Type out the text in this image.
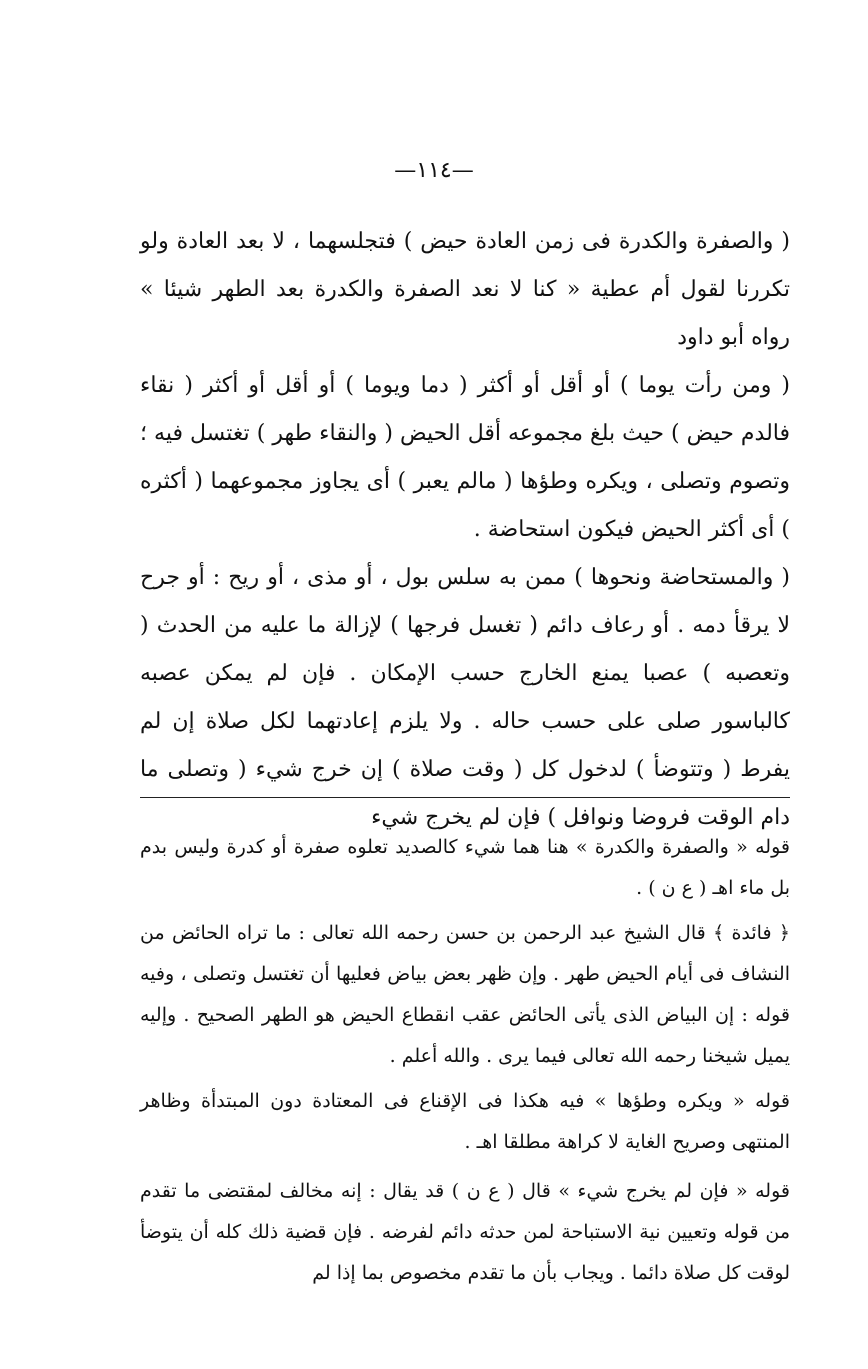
—١١٤—

( والصفرة والكدرة فى زمن العادة حيض ) فتجلسهما ، لا بعد العادة ولو تكررنا لقول أم عطية « كنا لا نعد الصفرة والكدرة بعد الطهر شيئا » رواه أبو داود

( ومن رأت يوما ) أو أقل أو أكثر ( دما ويوما ) أو أقل أو أكثر ( نقاء فالدم حيض ) حيث بلغ مجموعه أقل الحيض ( والنقاء طهر ) تغتسل فيه ؛ وتصوم وتصلى ، ويكره وطؤها ( مالم يعبر ) أى يجاوز مجموعهما ( أكثره ) أى أكثر الحيض فيكون استحاضة .

( والمستحاضة ونحوها ) ممن به سلس بول ، أو مذى ، أو ريح : أو جرح لا يرقأ دمه . أو رعاف دائم ( تغسل فرجها ) لإزالة ما عليه من الحدث ( وتعصبه ) عصبا يمنع الخارج حسب الإمكان . فإن لم يمكن عصبه كالباسور صلى على حسب حاله . ولا يلزم إعادتهما لكل صلاة إن لم يفرط ( وتتوضأ ) لدخول كل ( وقت صلاة ) إن خرج شيء ( وتصلى ما دام الوقت فروضا ونوافل ) فإن لم يخرج شيء

قوله « والصفرة والكدرة » هنا هما شيء كالصديد تعلوه صفرة أو كدرة وليس بدم بل ماء اهـ ( ع ن ) .

﴿ فائدة ﴾ قال الشيخ عبد الرحمن بن حسن رحمه الله تعالى : ما تراه الحائض من النشاف فى أيام الحيض طهر . وإن ظهر بعض بياض فعليها أن تغتسل وتصلى ، وفيه قوله : إن البياض الذى يأتى الحائض عقب انقطاع الحيض هو الطهر الصحيح . وإليه يميل شيخنا رحمه الله تعالى فيما يرى . والله أعلم .

قوله « ويكره وطؤها » فيه هكذا فى الإقناع فى المعتادة دون المبتدأة وظاهر المنتهى وصريح الغاية لا كراهة مطلقا اهـ .

قوله « فإن لم يخرج شيء » قال ( ع ن ) قد يقال : إنه مخالف لمقتضى ما تقدم من قوله وتعيين نية الاستباحة لمن حدثه دائم لفرضه . فإن قضية ذلك كله أن يتوضأ لوقت كل صلاة دائما . ويجاب بأن ما تقدم مخصوص بما إذا لم
